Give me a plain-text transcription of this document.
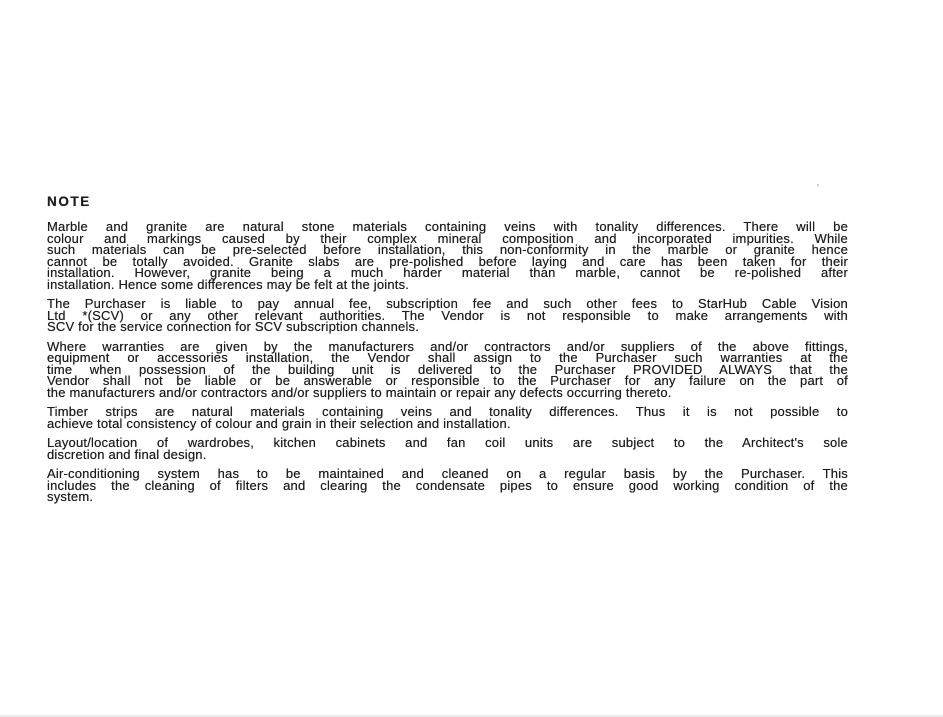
'
NOTE
Marble and granite are natural stone materials containing veins with tonality differences. There will be
colour and markings caused by their complex mineral composition and incorporated impurities. While
such materials can be pre-selected before installation, this non-conformity in the marble or granite hence
cannot be totally avoided. Granite slabs are pre-polished before laying and care has been taken for their
installation. However, granite being a much harder material than marble, cannot be re-polished after
installation. Hence some differences may be felt at the joints.
The Purchaser is liable to pay annual fee, subscription fee and such other fees to StarHub Cable Vision
Ltd *(SCV) or any other relevant authorities. The Vendor is not responsible to make arrangements with
SCV for the service connection for SCV subscription channels.
Where warranties are given by the manufacturers and/or contractors and/or suppliers of the above fittings,
equipment or accessories installation, the Vendor shall assign to the Purchaser such warranties at the
time when possession of the building unit is delivered to the Purchaser PROVIDED ALWAYS that the
Vendor shall not be liable or be answerable or responsible to the Purchaser for any failure on the part of
the manufacturers and/or contractors and/or suppliers to maintain or repair any defects occurring thereto.
Timber strips are natural materials containing veins and tonality differences. Thus it is not possible to
achieve total consistency of colour and grain in their selection and installation.
Layout/location of wardrobes, kitchen cabinets and fan coil units are subject to the Architect's sole
discretion and final design.
Air-conditioning system has to be maintained and cleaned on a regular basis by the Purchaser. This
includes the cleaning of filters and clearing the condensate pipes to ensure good working condition of the
system.
